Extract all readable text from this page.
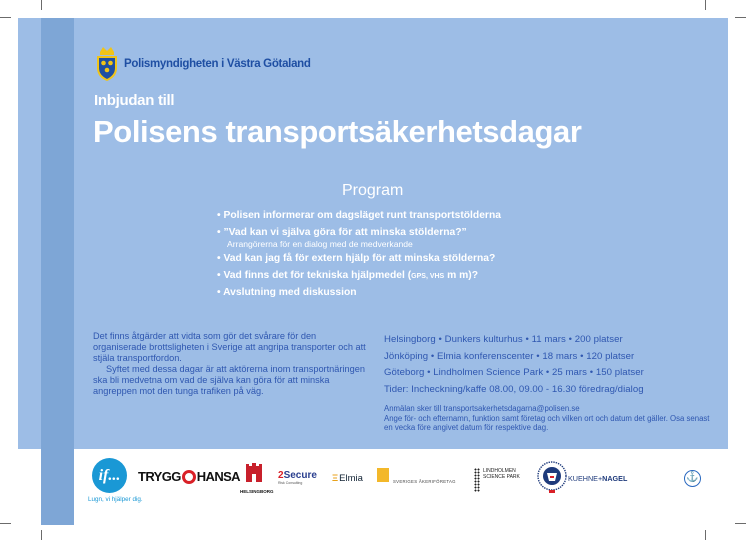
Polismyndigheten i Västra Götaland
Inbjudan till
Polisens transportsäkerhetsdagar
Program
• Polisen informerar om dagsläget runt transportstölderna
• ”Vad kan vi själva göra för att minska stölderna?”
Arrangörerna för en dialog med de medverkande
• Vad kan jag få för extern hjälp för att minska stölderna?
• Vad finns det för tekniska hjälpmedel (GPS, VHS m m)?
• Avslutning med diskussion

Det finns åtgärder att vidta som gör det svårare för den organiserade brottsligheten i Sverige att angripa transporter och att stjäla transportfordon.

Syftet med dessa dagar är att aktörerna inom transportnäringen ska bli medvetna om vad de själva kan göra för att minska angreppen mot den tunga trafiken på väg.

Helsingborg • Dunkers kulturhus • 11 mars • 200 platser
Jönköping • Elmia konferenscenter • 18 mars • 120 platser
Göteborg • Lindholmen Science Park • 25 mars • 150 platser
Tider: Incheckning/kaffe 08.00, 09.00 - 16.30 föredrag/dialog
Anmälan sker till transportsakerhetsdagarna@polisen.se
Ange för- och efternamn, funktion samt företag och vilken ort och datum det gäller. Osa senast en vecka före angivet datum för respektive dag.
if...
Lugn, vi hjälper dig.
TRYGG HANSA
HELSINGBORG
2Secure
Risk Consulting	Ξ Elmia	SVERIGES ÅKERIFÖRETAG
LINDHOLMEN
SCIENCE PARK	KUEHNE+NAGEL	⚓
